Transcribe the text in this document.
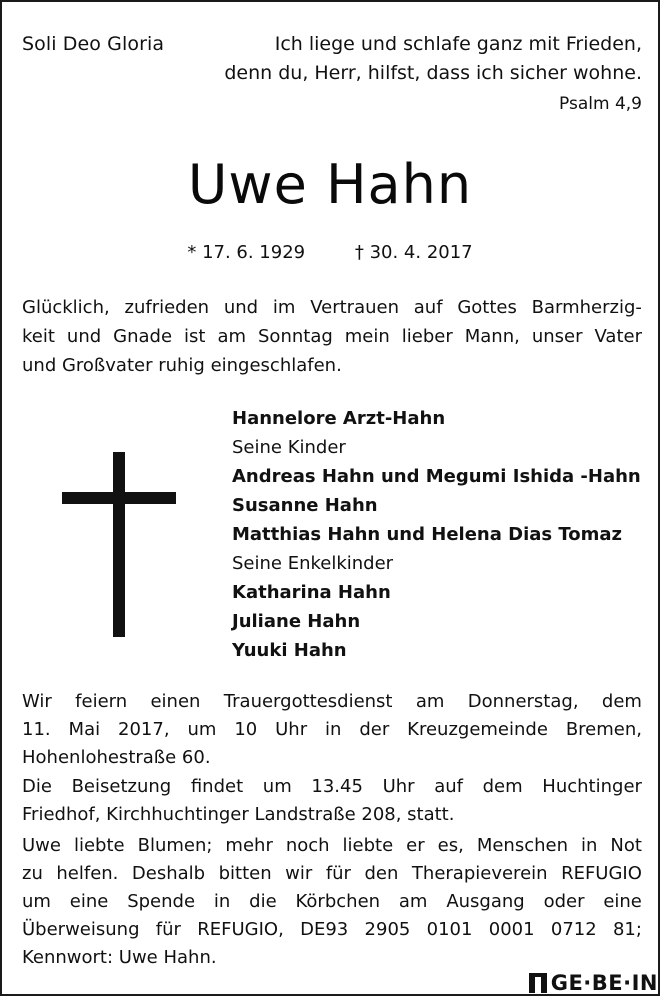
Soli Deo Gloria	Ich liege und schlafe ganz mit Frieden,
denn du, Herr, hilfst, dass ich sicher wohne.
Psalm 4,9
Uwe Hahn
* 17. 6. 1929	† 30. 4. 2017
Glücklich, zufrieden und im Vertrauen auf Gottes Barmherzig-
keit und Gnade ist am Sonntag mein lieber Mann, unser Vater
und Großvater ruhig eingeschlafen.
Hannelore Arzt-Hahn
Seine Kinder
Andreas Hahn und Megumi Ishida -Hahn
Susanne Hahn
Matthias Hahn und Helena Dias Tomaz
Seine Enkelkinder
Katharina Hahn
Juliane Hahn
Yuuki Hahn
Wir feiern einen Trauergottesdienst am Donnerstag, dem
11. Mai 2017, um 10 Uhr in der Kreuzgemeinde Bremen,
Hohenlohestraße 60.
Die Beisetzung findet um 13.45 Uhr auf dem Huchtinger
Friedhof, Kirchhuchtinger Landstraße 208, statt.
Uwe liebte Blumen; mehr noch liebte er es, Menschen in Not
zu helfen. Deshalb bitten wir für den Therapieverein REFUGIO
um eine Spende in die Körbchen am Ausgang oder eine
Überweisung für REFUGIO, DE93 2905 0101 0001 0712 81;
Kennwort: Uwe Hahn.
GE·BE·IN
